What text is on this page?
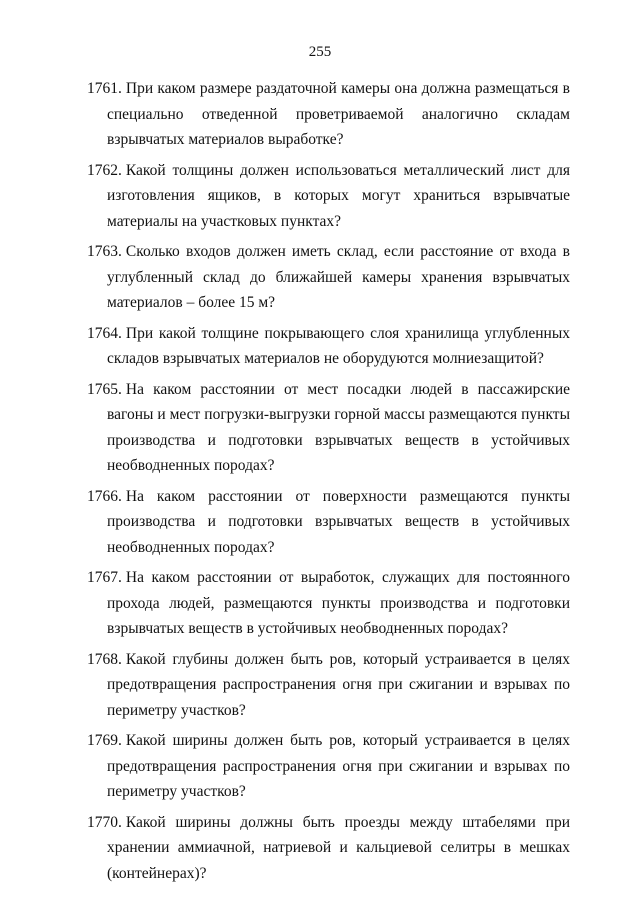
255
1761. При каком размере раздаточной камеры она должна размещаться в специально отведенной проветриваемой аналогично складам взрывчатых материалов выработке?
1762. Какой толщины должен использоваться металлический лист для изготовления ящиков, в которых могут храниться взрывчатые материалы на участковых пунктах?
1763. Сколько входов должен иметь склад, если расстояние от входа в углубленный склад до ближайшей камеры хранения взрывчатых материалов – более 15 м?
1764. При какой толщине покрывающего слоя хранилища углубленных складов взрывчатых материалов не оборудуются молниезащитой?
1765. На каком расстоянии от мест посадки людей в пассажирские вагоны и мест погрузки-выгрузки горной массы размещаются пункты производства и подготовки взрывчатых веществ в устойчивых необводненных породах?
1766. На каком расстоянии от поверхности размещаются пункты производства и подготовки взрывчатых веществ в устойчивых необводненных породах?
1767. На каком расстоянии от выработок, служащих для постоянного прохода людей, размещаются пункты производства и подготовки взрывчатых веществ в устойчивых необводненных породах?
1768. Какой глубины должен быть ров, который устраивается в целях предотвращения распространения огня при сжигании и взрывах по периметру участков?
1769. Какой ширины должен быть ров, который устраивается в целях предотвращения распространения огня при сжигании и взрывах по периметру участков?
1770. Какой ширины должны быть проезды между штабелями при хранении аммиачной, натриевой и кальциевой селитры в мешках (контейнерах)?
